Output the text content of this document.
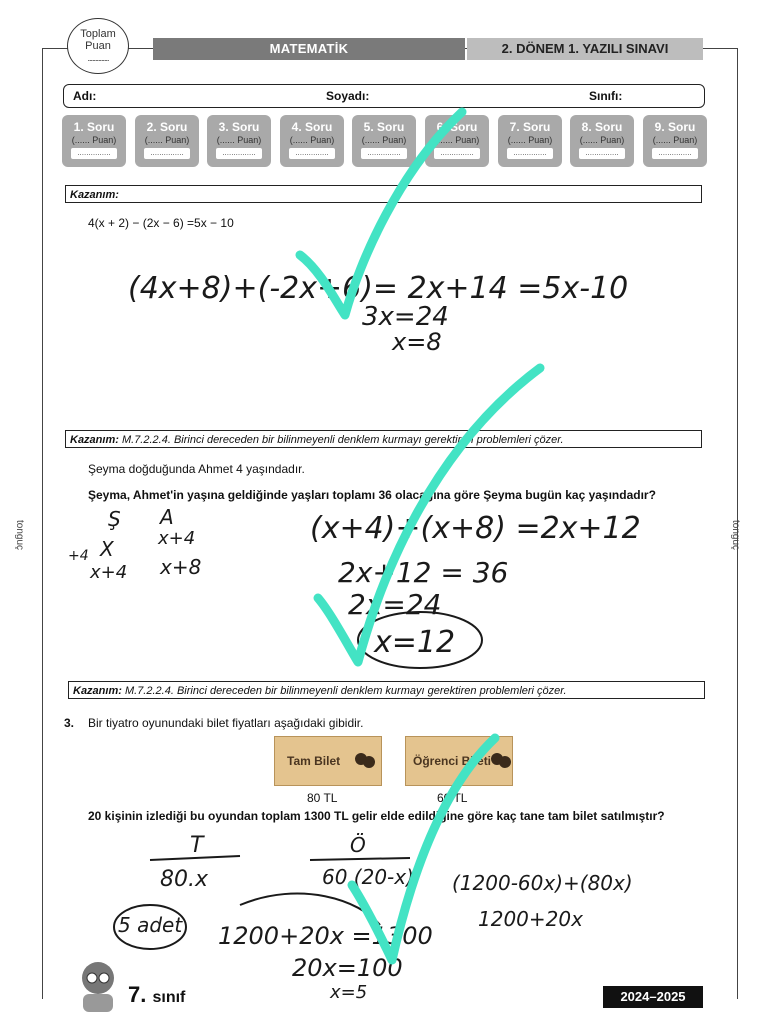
Toplam
Puan
..............
MATEMATİK	2. DÖNEM 1. YAZILI SINAVI
Adı:	Soyadı:	Sınıfı:
1. Soru
(...... Puan)
...............
2. Soru
(...... Puan)
...............
3. Soru
(...... Puan)
...............
4. Soru
(...... Puan)
...............
5. Soru
(...... Puan)
...............
6. Soru
(...... Puan)
...............
7. Soru
(...... Puan)
...............
8. Soru
(...... Puan)
...............
9. Soru
(...... Puan)
...............
Kazanım:
4(x + 2) − (2x − 6) =5x − 10
Kazanım: M.7.2.2.4. Birinci dereceden bir bilinmeyenli denklem kurmayı gerektiren problemleri çözer.
Şeyma doğduğunda Ahmet 4 yaşındadır.
Şeyma, Ahmet'in yaşına geldiğinde yaşları toplamı 36 olacağına göre Şeyma bugün kaç yaşındadır?
Kazanım: M.7.2.2.4. Birinci dereceden bir bilinmeyenli denklem kurmayı gerektiren problemleri çözer.
3. Bir tiyatro oyunundaki bilet fiyatları aşağıdaki gibidir.
Tam Bilet	Öğrenci Bileti
80 TL	60 TL
20 kişinin izlediği bu oyundan toplam 1300 TL gelir elde edildiğine göre kaç tane tam bilet satılmıştır?
tonguç	tonguç
7. sınıf	2024–2025
(4x+8)+(-2x+6)= 2x+14 =5x-10
3x=24
x=8
Ş A
X x+4
+4
x+4 x+8
(x+4)+(x+8) =2x+12
2x+12 = 36
2x=24
x=12
T	Ö
80.x	60.(20-x) (1200-60x)+(80x)
1200+20x
5 adet 1200+20x =1300
20x=100
x=5
